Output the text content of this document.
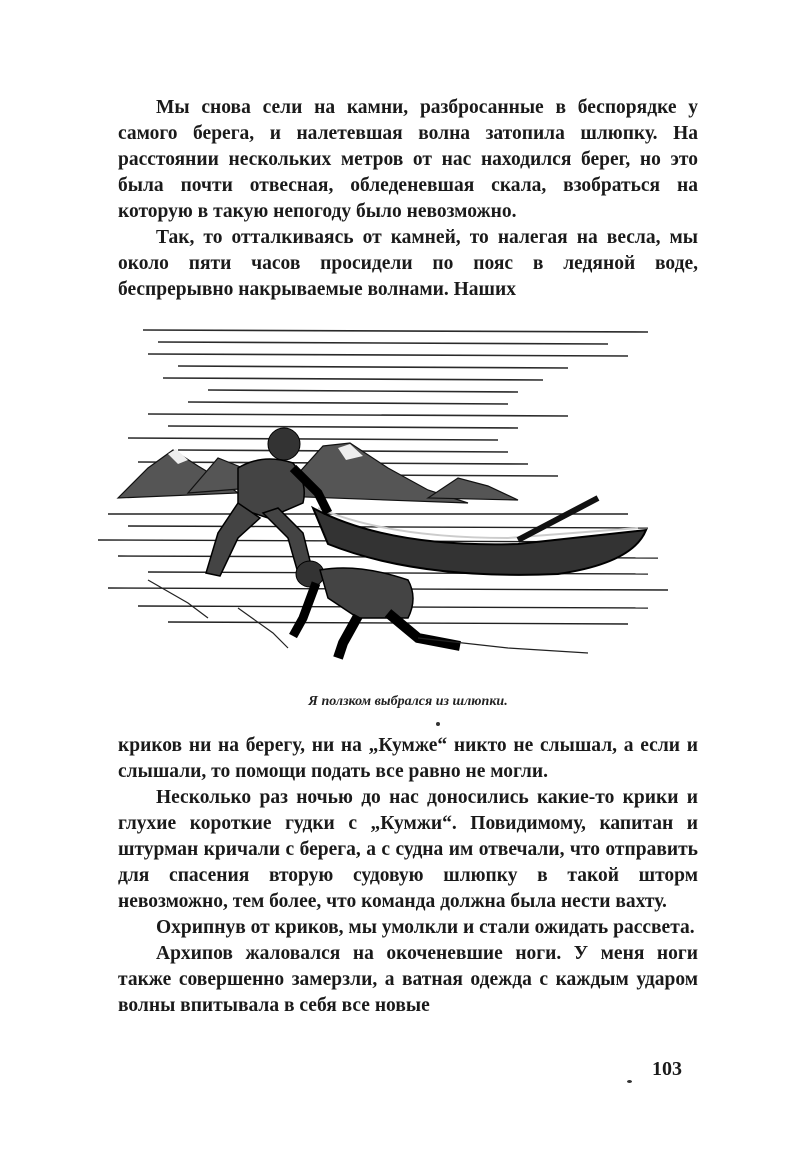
Мы снова сели на камни, разбросанные в беспорядке у самого берега, и налетевшая волна затопила шлюпку. На расстоянии нескольких метров от нас находился берег, но это была почти отвесная, обледеневшая скала, взобраться на которую в такую непогоду было невозможно.

Так, то отталкиваясь от камней, то налегая на весла, мы около пяти часов просидели по пояс в ледяной воде, беспрерывно накрываемые волнами. Наших

Я ползком выбрался из шлюпки.

криков ни на берегу, ни на „Кумже“ никто не слышал, а если и слышали, то помощи подать все равно не могли.

Несколько раз ночью до нас доносились какие-то крики и глухие короткие гудки с „Кумжи“. Повидимому, капитан и штурман кричали с берега, а с судна им отвечали, что отправить для спасения вторую судовую шлюпку в такой шторм невозможно, тем более, что команда должна была нести вахту.

Охрипнув от криков, мы умолкли и стали ожидать рассвета.

Архипов жаловался на окоченевшие ноги. У меня ноги также совершенно замерзли, а ватная одежда с каждым ударом волны впитывала в себя все новые

103
